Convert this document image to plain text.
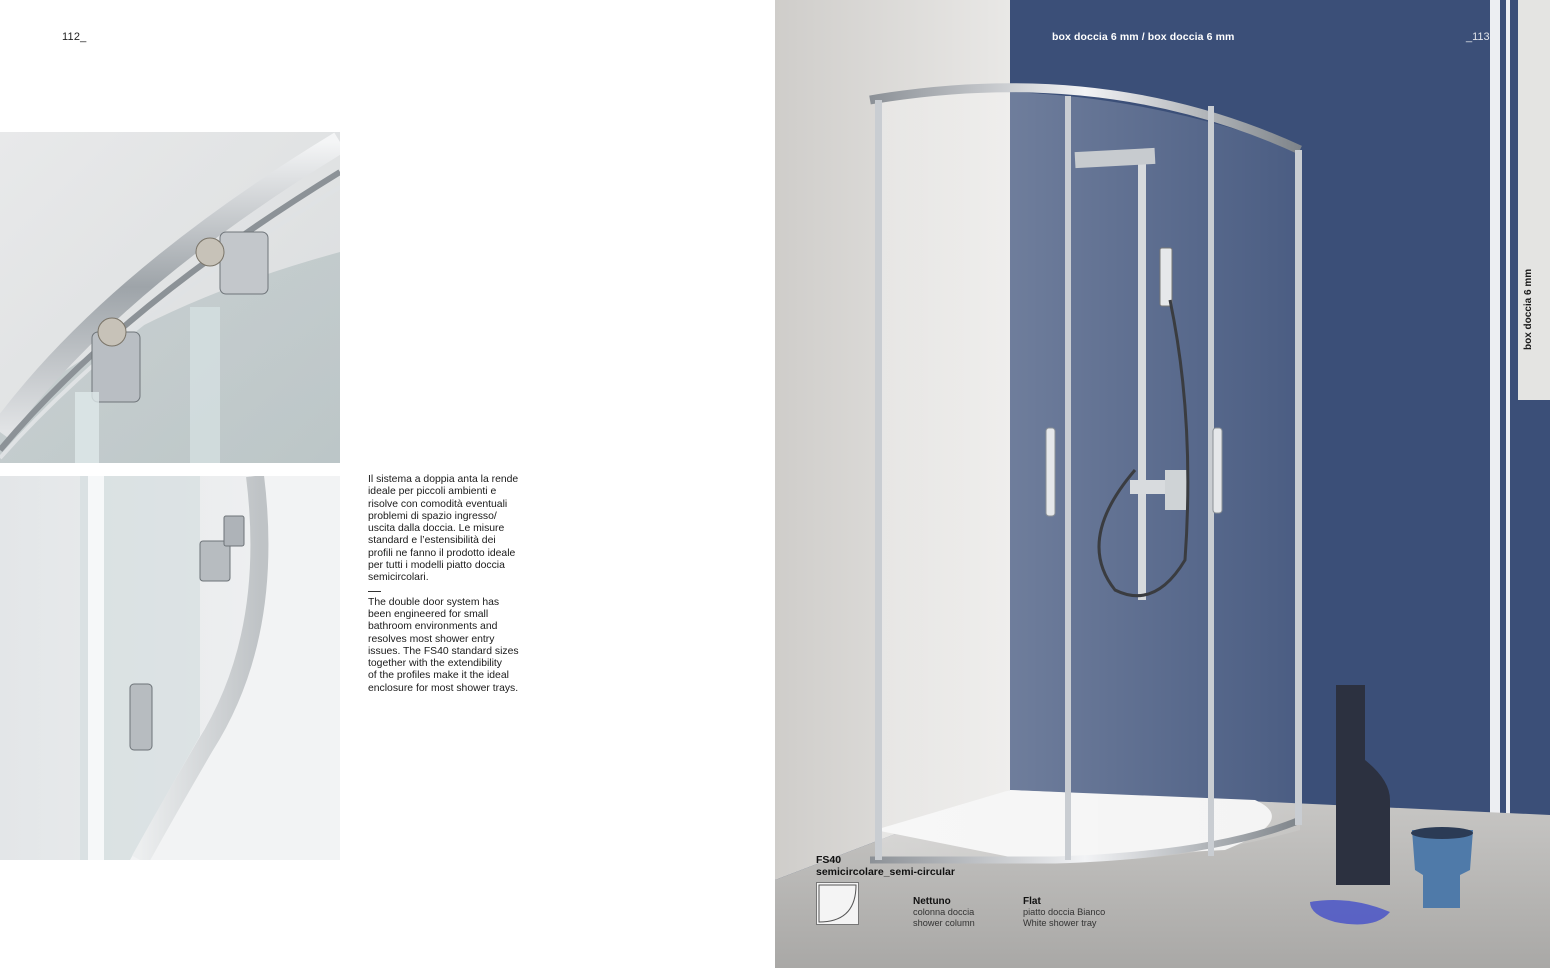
112_

Il sistema a doppia anta la rende
ideale per piccoli ambienti e
risolve con comodità eventuali
problemi di spazio ingresso/
uscita dalla doccia. Le misure
standard e l’estensibilità dei
profili ne fanno il prodotto ideale
per tutti i modelli piatto doccia
semicircolari.

The double door system has
been engineered for small
bathroom environments and
resolves most shower entry
issues. The FS40 standard sizes
together with the extendibility
of the profiles make it the ideal
enclosure for most shower trays.

box doccia 6 mm / box doccia 6 mm	_113
box doccia 6 mm
FS40
semicircolare_semi-circular
Nettuno
colonna doccia
shower column
Flat
piatto doccia Bianco
White shower tray
